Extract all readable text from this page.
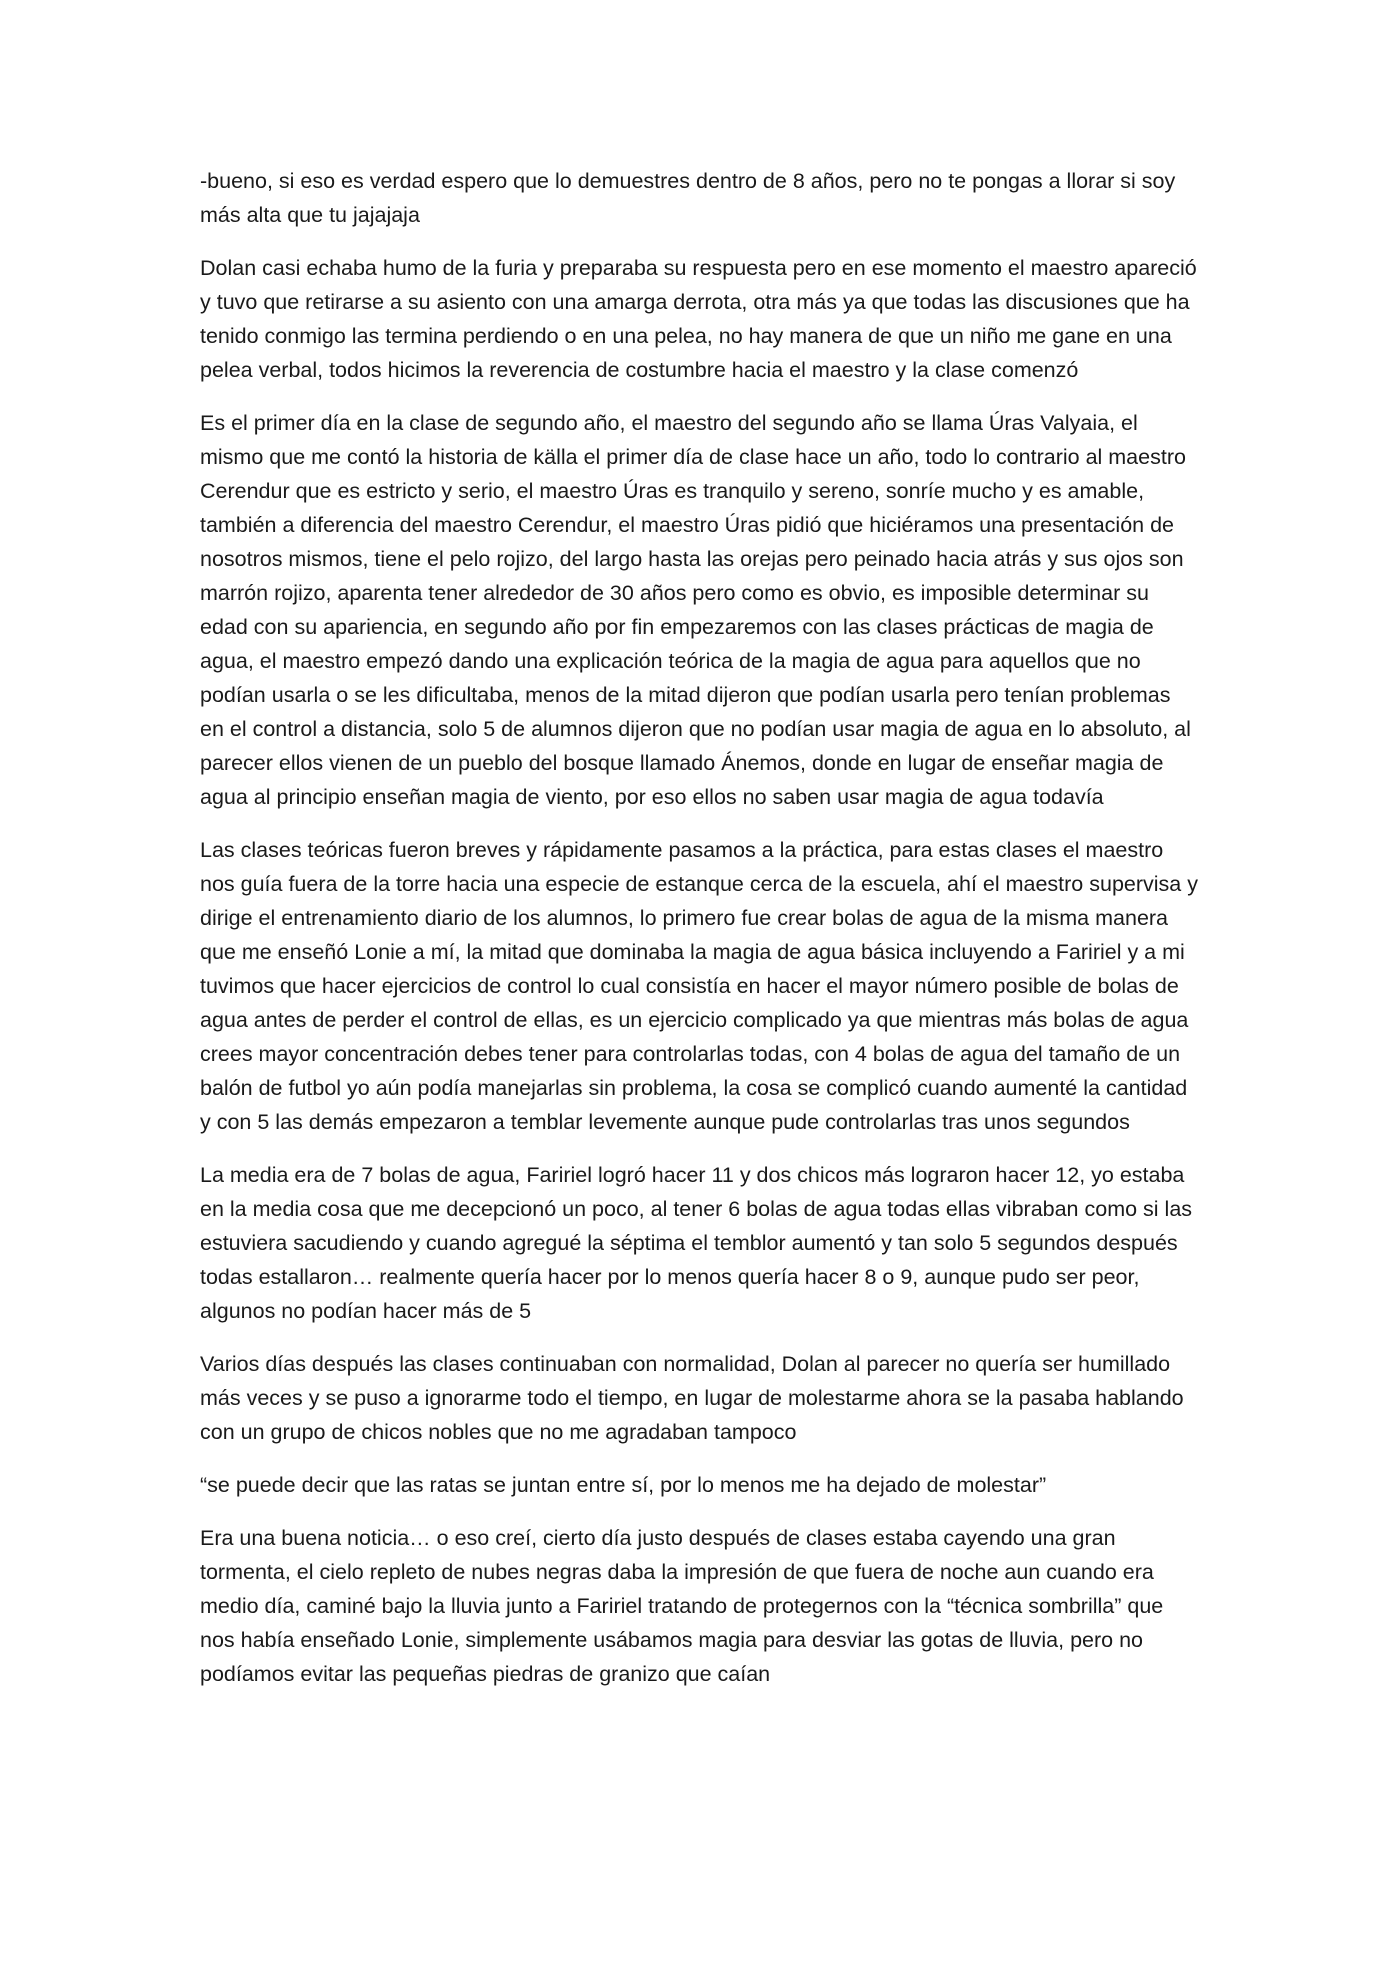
-bueno, si eso es verdad espero que lo demuestres dentro de 8 años, pero no te pongas a llorar si soy más alta que tu jajajaja

Dolan casi echaba humo de la furia y preparaba su respuesta pero en ese momento el maestro apareció y tuvo que retirarse a su asiento con una amarga derrota, otra más ya que todas las discusiones que ha tenido conmigo las termina perdiendo o en una pelea, no hay manera de que un niño me gane en una pelea verbal, todos hicimos la reverencia de costumbre hacia el maestro y la clase comenzó

Es el primer día en la clase de segundo año, el maestro del segundo año se llama Úras Valyaia, el mismo que me contó la historia de källa el primer día de clase hace un año, todo lo contrario al maestro Cerendur que es estricto y serio, el maestro Úras es tranquilo y sereno, sonríe mucho y es amable, también a diferencia del maestro Cerendur, el maestro Úras pidió que hiciéramos una presentación de nosotros mismos, tiene el pelo rojizo, del largo hasta las orejas pero peinado hacia atrás y sus ojos son marrón rojizo, aparenta tener alrededor de 30 años pero como es obvio, es imposible determinar su edad con su apariencia, en segundo año por fin empezaremos con las clases prácticas de magia de agua, el maestro empezó dando una explicación teórica de la magia de agua para aquellos que no podían usarla o se les dificultaba, menos de la mitad dijeron que podían usarla pero tenían problemas en el control a distancia, solo 5 de alumnos dijeron que no podían usar magia de agua en lo absoluto, al parecer ellos vienen de un pueblo del bosque llamado Ánemos, donde en lugar de enseñar magia de agua al principio enseñan magia de viento, por eso ellos no saben usar magia de agua todavía

Las clases teóricas fueron breves y rápidamente pasamos a la práctica, para estas clases el maestro nos guía fuera de la torre hacia una especie de estanque cerca de la escuela, ahí el maestro supervisa y dirige el entrenamiento diario de los alumnos, lo primero fue crear bolas de agua de la misma manera que me enseñó Lonie a mí, la mitad que dominaba la magia de agua básica incluyendo a Faririel y a mi tuvimos que hacer ejercicios de control lo cual consistía en hacer el mayor número posible de bolas de agua antes de perder el control de ellas, es un ejercicio complicado ya que mientras más bolas de agua crees mayor concentración debes tener para controlarlas todas, con 4 bolas de agua del tamaño de un balón de futbol yo aún podía manejarlas sin problema, la cosa se complicó cuando aumenté la cantidad y con 5 las demás empezaron a temblar levemente aunque pude controlarlas tras unos segundos

La media era de 7 bolas de agua, Faririel logró hacer 11 y dos chicos más lograron hacer 12, yo estaba en la media cosa que me decepcionó un poco, al tener 6 bolas de agua todas ellas vibraban como si las estuviera sacudiendo y cuando agregué la séptima el temblor aumentó y tan solo 5 segundos después todas estallaron… realmente quería hacer por lo menos quería hacer 8 o 9, aunque pudo ser peor, algunos no podían hacer más de 5

Varios días después las clases continuaban con normalidad, Dolan al parecer no quería ser humillado más veces y se puso a ignorarme todo el tiempo, en lugar de molestarme ahora se la pasaba hablando con un grupo de chicos nobles que no me agradaban tampoco

“se puede decir que las ratas se juntan entre sí, por lo menos me ha dejado de molestar”

Era una buena noticia… o eso creí, cierto día justo después de clases estaba cayendo una gran tormenta, el cielo repleto de nubes negras daba la impresión de que fuera de noche aun cuando era medio día, caminé bajo la lluvia junto a Faririel tratando de protegernos con la “técnica sombrilla” que nos había enseñado Lonie, simplemente usábamos magia para desviar las gotas de lluvia, pero no podíamos evitar las pequeñas piedras de granizo que caían
